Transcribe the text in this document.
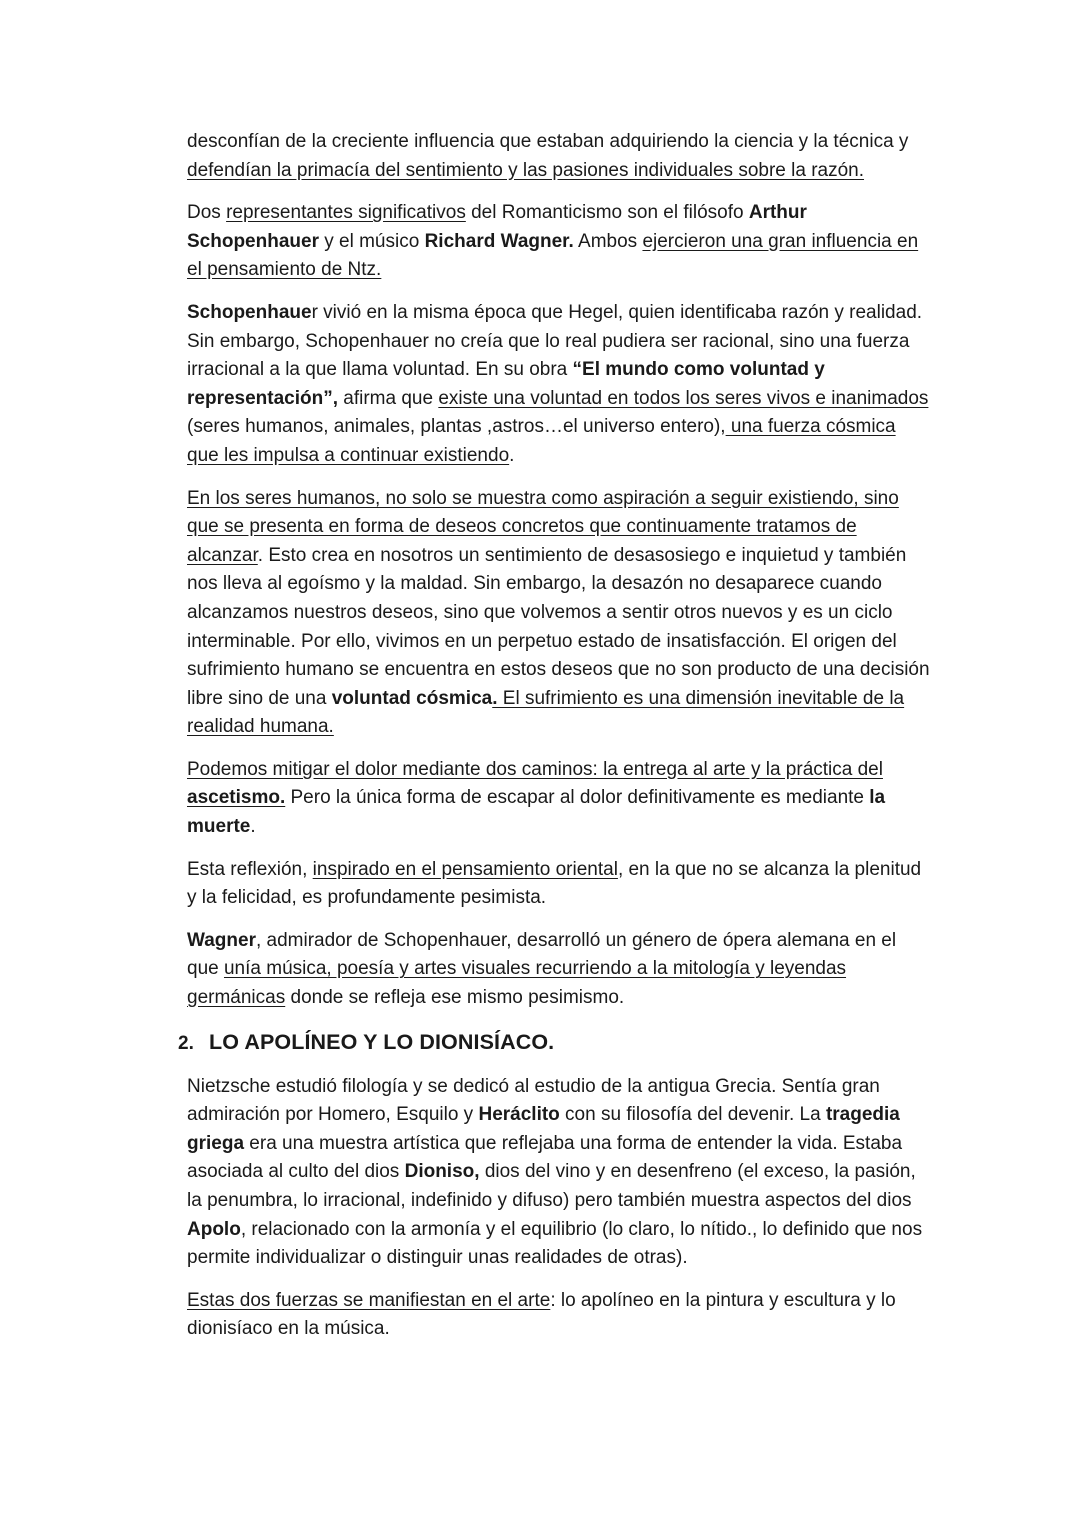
desconfían de la creciente influencia que estaban adquiriendo la ciencia y la técnica y defendían la primacía del sentimiento y las pasiones individuales sobre la razón.

Dos representantes significativos del Romanticismo son el filósofo Arthur Schopenhauer y el músico Richard Wagner. Ambos ejercieron una gran influencia en el pensamiento de Ntz.

Schopenhauer vivió en la misma época que Hegel, quien identificaba razón y realidad. Sin embargo, Schopenhauer no creía que lo real pudiera ser racional, sino una fuerza irracional a la que llama voluntad. En su obra “El mundo como voluntad y representación”, afirma que existe una voluntad en todos los seres vivos e inanimados (seres humanos, animales, plantas ,astros…el universo entero), una fuerza cósmica que les impulsa a continuar existiendo.

En los seres humanos, no solo se muestra como aspiración a seguir existiendo, sino que se presenta en forma de deseos concretos que continuamente tratamos de alcanzar. Esto crea en nosotros un sentimiento de desasosiego e inquietud y también nos lleva al egoísmo y la maldad. Sin embargo, la desazón no desaparece cuando alcanzamos nuestros deseos, sino que volvemos a sentir otros nuevos y es un ciclo interminable. Por ello, vivimos en un perpetuo estado de insatisfacción. El origen del sufrimiento humano se encuentra en estos deseos que no son producto de una decisión libre sino de una voluntad cósmica. El sufrimiento es una dimensión inevitable de la realidad humana.

Podemos mitigar el dolor mediante dos caminos: la entrega al arte y la práctica del ascetismo. Pero la única forma de escapar al dolor definitivamente es mediante la muerte.

Esta reflexión, inspirado en el pensamiento oriental, en la que no se alcanza la plenitud y la felicidad, es profundamente pesimista.

Wagner, admirador de Schopenhauer, desarrolló un género de ópera alemana en el que unía música, poesía y artes visuales recurriendo a la mitología y leyendas germánicas donde se refleja ese mismo pesimismo.

2. LO APOLÍNEO Y LO DIONISÍACO.

Nietzsche estudió filología y se dedicó al estudio de la antigua Grecia. Sentía gran admiración por Homero, Esquilo y Heráclito con su filosofía del devenir. La tragedia griega era una muestra artística que reflejaba una forma de entender la vida. Estaba asociada al culto del dios Dioniso, dios del vino y en desenfreno (el exceso, la pasión, la penumbra, lo irracional, indefinido y difuso) pero también muestra aspectos del dios Apolo, relacionado con la armonía y el equilibrio (lo claro, lo nítido., lo definido que nos permite individualizar o distinguir unas realidades de otras).

Estas dos fuerzas se manifiestan en el arte: lo apolíneo en la pintura y escultura y lo dionisíaco en la música.
